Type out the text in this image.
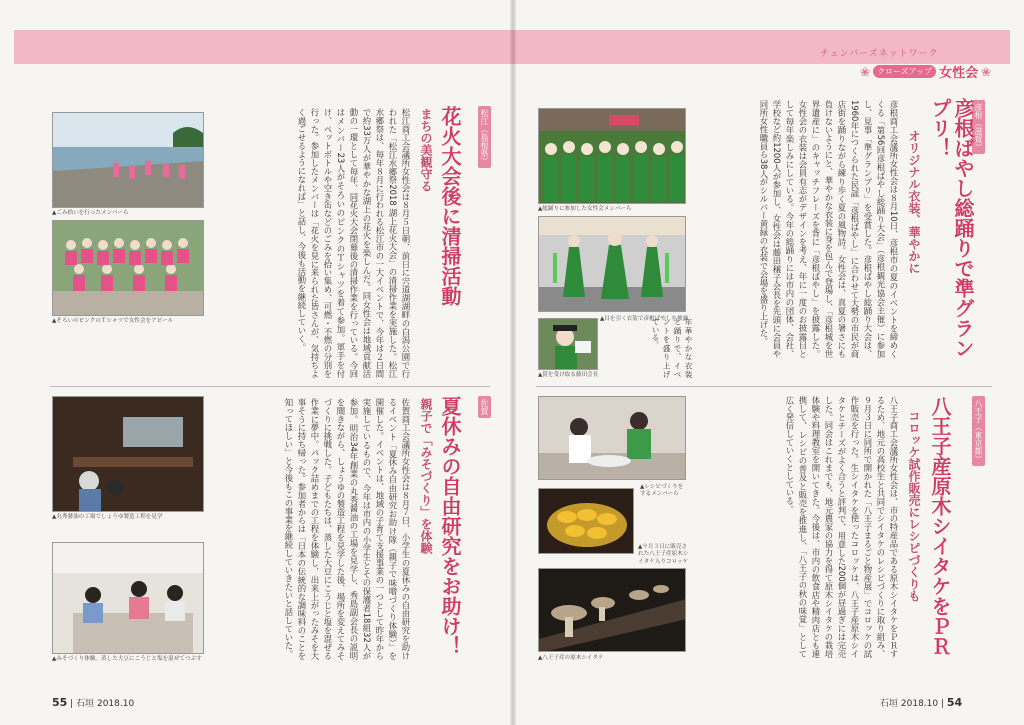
チェンバーズネットワーク
❀ クローズアップ 女性会 ❀
彦根（滋賀）
彦根ばやし総踊りで準グランプリ！
オリジナル衣装、華やかに
彦根商工会議所女性会は８月10日、彦根市の夏のイベントを締めくくる「第56回彦根ばやし総踊り大会」（彦根観光協会主催）に参加し、見事「準グランプリ」を受賞した。彦根ばやし総踊り大会は、1960年につくられた民謡「彦根ばやし」に合わせて大勢の市民が商店街を踊りながら練り歩く夏の風物詩。女性会は、真夏の暑さにも負けないようにと、華やかな衣装に身を包んで登場し、「彦根城を世界遺産に」のキャッチフレーズを背に「彦根ばやし」を披露した。女性会の衣装は会員有志がデザインを考え、年に一度のお披露目として毎年楽しみにしている。今年の総踊りには市内の団体、会社、学校など約1200人が参加し、女性会は藤田穣子会長を先頭に会員や同所女性職員ら38人がシルバー黄緑の衣装で会場を盛り上げた。
▲総踊りに参加した女性会メンバーら
▲目を引く衣装で彦根ばやしを披露
▲賞を受け取る藤田会長	年華やかな衣装と踊りで、イベントを盛り上げている。
八王子（東京都）
八王子産原木シイタケをＰＲ
コロッケ試作販売にレシピづくりも
八王子商工会議所女性会は、市の特産品である原木シイタケをＰＲするため、地元の高校生と共同でシイタケのレシピづくりに取り組み、９月３日に同所で開かれた「八王子まるごと物産展」でコロッケの試作販売を行った。生シイタケを使ったコロッケは、八王子産原木シイタケとチーズがよく合うと評判で、用意した200個が昼過ぎには完売した。同会はこれまでも、地元農家の協力を得て原木シイタケの栽培体験や料理教室を開いてきた。今後は、市内の飲食店や精肉店とも連携して、レシピの普及と販売を推進し、「八王子の秋の味覚」として広く発信していくとしている。
▲レシピづくりをするメンバーら
▲９月３日に販売された八王子産原木シイタケ入りコロッケ
▲八王子産の原木シイタケ
石垣 2018.10 | 54
松江（島根県）
花火大会後に清掃活動
まちの美観守る
松江商工会議所女性会は８月５日朝、前日に宍道湖湖畔の白潟公園で行われた「松江水郷祭2018 湖上花火大会」の清掃作業を実施した。松江水郷祭は、毎年８月に行われる松江市の一大イベントで、今年は２日間で約33万人が華やかな湖上の花火を楽しんだ。同女性会は地域貢献活動の一環として毎年、同花火大会閉幕後の清掃作業を行っている。今回はメンバー23人がそろいのピンクのＴシャツを着て参加。軍手を付け、ペットボトルや空き缶などのごみを拾い集め、可燃・不燃の分別を行った。参加したメンバーは「花火を見に来られた皆さんが、気持ちよく過ごせるようになれば」と話し、今後も活動を継続していく。
▲ごみ拾いを行ったメンバーら
▲そろいのピンクのＴシャツで女性会をアピール
佐賀
夏休みの自由研究をお助け！
親子で「みそづくり」を体験
佐賀商工会議所女性会は８月７日、小学生の夏休みの自由研究を助けるイベント「夏休み自由研究お助け隊（親子で味噌づくり体験）」を開催した。イベントは、地域の子育て支援事業の一つとして昨年から実施しているもので、今年は市内の小学生とその保護者18組32人が参加。明治34年創業の丸秀醤油の工場を見学し、秀島副会長の説明を聞きながら、しょうゆの製造工程を見学した後、場所を変えてみそづくりに挑戦した。子どもたちは、蒸した大豆にこうじと塩を混ぜる作業に夢中。パック詰めまでの工程を体験し、出来上がったみそを大事そうに持ち帰った。参加者からは「日本の伝統的な調味料のことを知ってほしい」と今後もこの事業を継続していきたいと話していた。
▲丸秀醤油の工場でしょうゆ製造工程を見学
▲みそづくり体験。蒸した大豆にこうじと塩を混ぜてつぶす
55 | 石垣 2018.10
